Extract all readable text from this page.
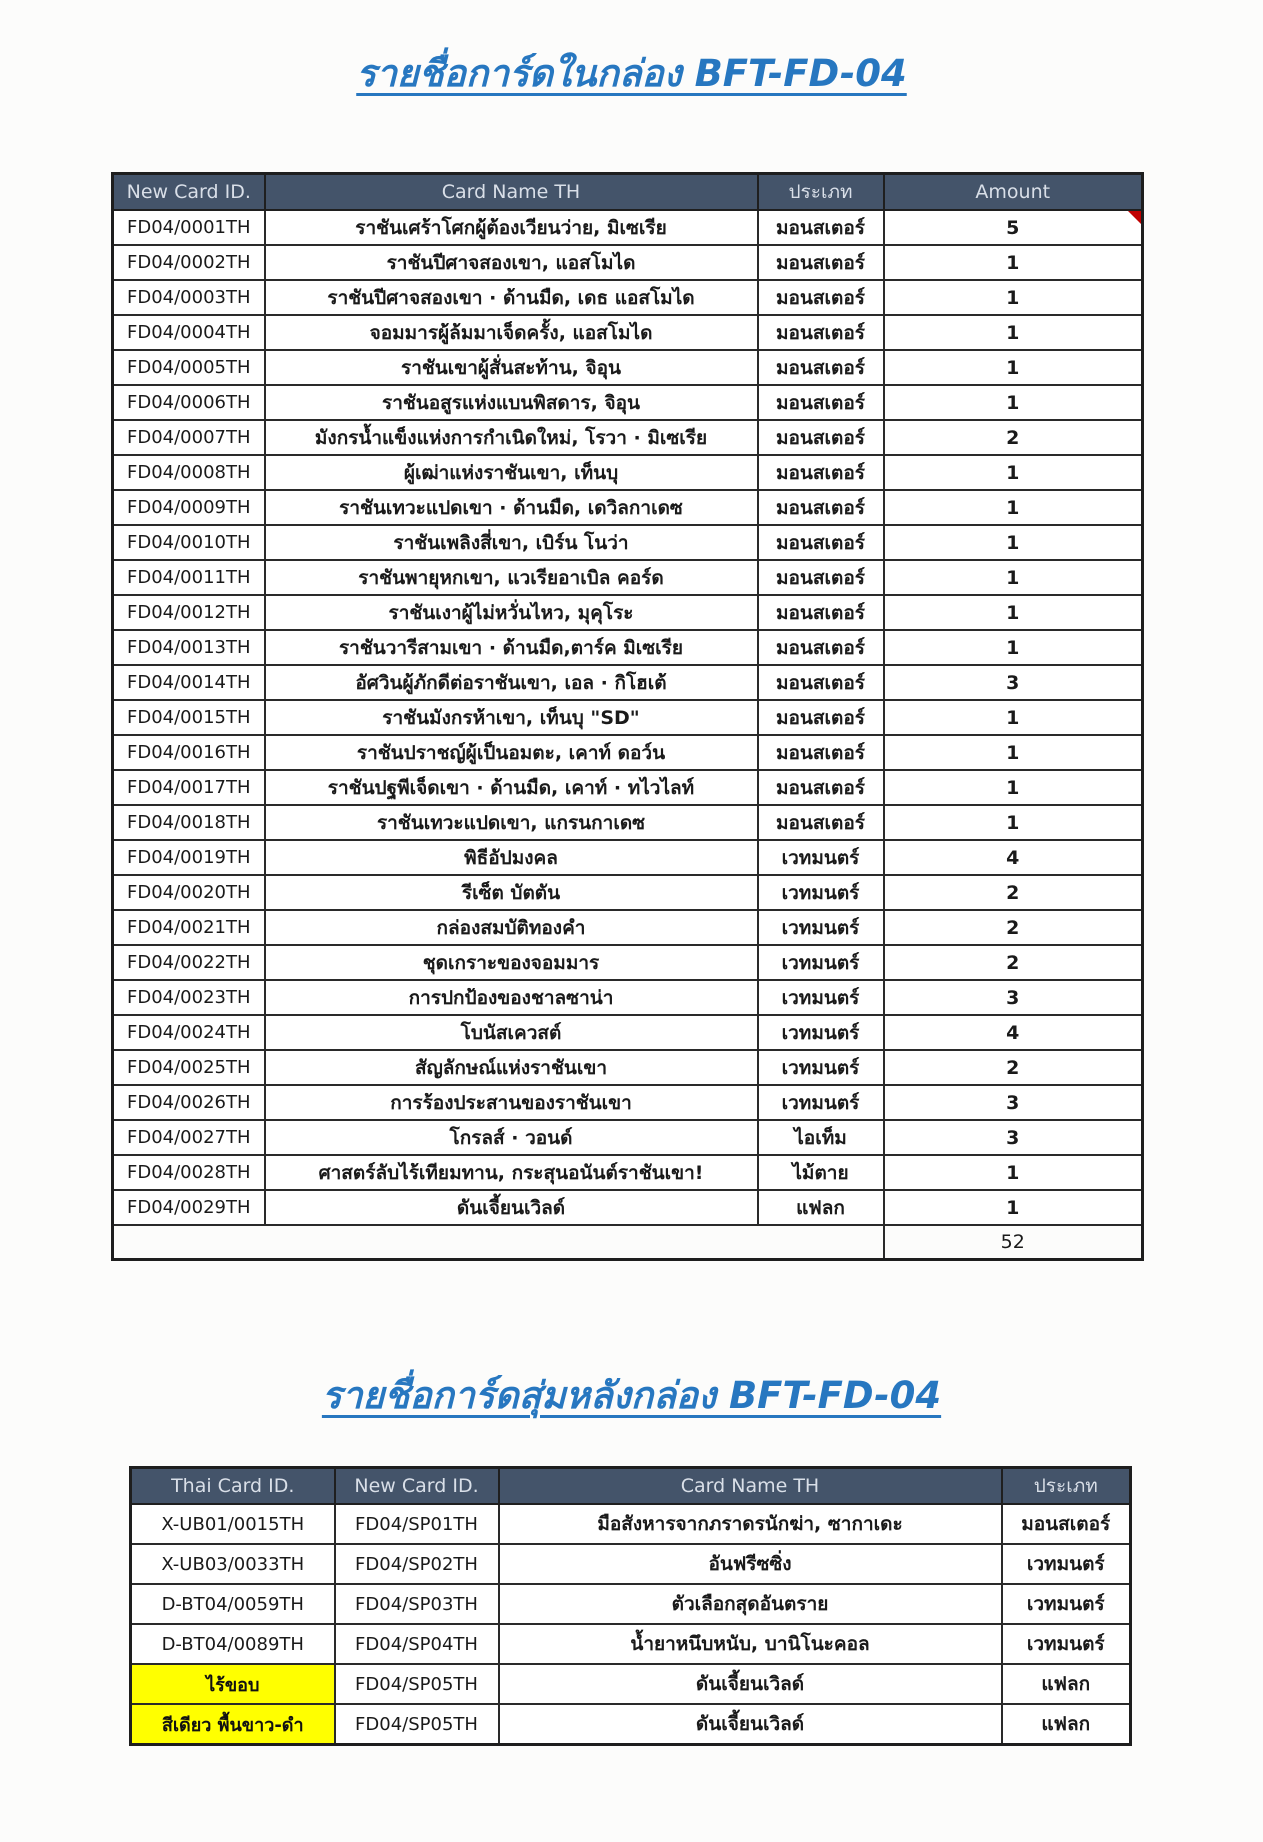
รายชื่อการ์ดในกล่อง BFT-FD-04
New Card ID.	Card Name TH	ประเภท	Amount
FD04/0001TH	ราชันเศร้าโศกผู้ต้องเวียนว่าย, มิเซเรีย	มอนสเตอร์	5

FD04/0002TH	ราชันปีศาจสองเขา, แอสโมได	มอนสเตอร์	1
FD04/0003TH	ราชันปีศาจสองเขา · ด้านมืด, เดธ แอสโมได	มอนสเตอร์	1
FD04/0004TH	จอมมารผู้ล้มมาเจ็ดครั้ง, แอสโมได	มอนสเตอร์	1
FD04/0005TH	ราชันเขาผู้สั่นสะท้าน, จิอุน	มอนสเตอร์	1
FD04/0006TH	ราชันอสูรแห่งแบนพิสดาร, จิอุน	มอนสเตอร์	1
FD04/0007TH	มังกรน้ำแข็งแห่งการกำเนิดใหม่, โรวา · มิเซเรีย	มอนสเตอร์	2
FD04/0008TH	ผู้เฒ่าแห่งราชันเขา, เท็นบุ	มอนสเตอร์	1
FD04/0009TH	ราชันเทวะแปดเขา · ด้านมืด, เดวิลกาเดซ	มอนสเตอร์	1
FD04/0010TH	ราชันเพลิงสี่เขา, เบิร์น โนว่า	มอนสเตอร์	1
FD04/0011TH	ราชันพายุหกเขา, แวเรียอาเบิล คอร์ด	มอนสเตอร์	1
FD04/0012TH	ราชันเงาผู้ไม่หวั่นไหว, มุคุโระ	มอนสเตอร์	1
FD04/0013TH	ราชันวารีสามเขา · ด้านมืด,ตาร์ค มิเซเรีย	มอนสเตอร์	1
FD04/0014TH	อัศวินผู้ภักดีต่อราชันเขา, เอล · กิโฮเต้	มอนสเตอร์	3
FD04/0015TH	ราชันมังกรห้าเขา, เท็นบุ "SD"	มอนสเตอร์	1
FD04/0016TH	ราชันปราชญ์ผู้เป็นอมตะ, เคาท์ ดอว์น	มอนสเตอร์	1
FD04/0017TH	ราชันปฐพีเจ็ดเขา · ด้านมืด, เคาท์ · ทไวไลท์	มอนสเตอร์	1
FD04/0018TH	ราชันเทวะแปดเขา, แกรนกาเดซ	มอนสเตอร์	1
FD04/0019TH	พิธีอัปมงคล	เวทมนตร์	4
FD04/0020TH	รีเซ็ต บัตตัน	เวทมนตร์	2
FD04/0021TH	กล่องสมบัติทองคำ	เวทมนตร์	2
FD04/0022TH	ชุดเกราะของจอมมาร	เวทมนตร์	2
FD04/0023TH	การปกป้องของชาลซาน่า	เวทมนตร์	3
FD04/0024TH	โบนัสเควสต์	เวทมนตร์	4
FD04/0025TH	สัญลักษณ์แห่งราชันเขา	เวทมนตร์	2
FD04/0026TH	การร้องประสานของราชันเขา	เวทมนตร์	3
FD04/0027TH	โกรลส์ · วอนด์	ไอเท็ม	3
FD04/0028TH	ศาสตร์ลับไร้เทียมทาน, กระสุนอนันต์ราชันเขา!	ไม้ตาย	1
FD04/0029TH	ดันเจี้ยนเวิลด์	แฟลก	1
			52
รายชื่อการ์ดสุ่มหลังกล่อง BFT-FD-04
Thai Card ID.	New Card ID.	Card Name TH	ประเภท
X-UB01/0015TH	FD04/SP01TH	มือสังหารจากภราดรนักฆ่า, ซากาเดะ	มอนสเตอร์
X-UB03/0033TH	FD04/SP02TH	อันฟรีซซิ่ง	เวทมนตร์
D-BT04/0059TH	FD04/SP03TH	ตัวเลือกสุดอันตราย	เวทมนตร์
D-BT04/0089TH	FD04/SP04TH	น้ำยาหนึบหนับ, บานิโนะคอล	เวทมนตร์
ไร้ขอบ	FD04/SP05TH	ดันเจี้ยนเวิลด์	แฟลก
สีเดียว พื้นขาว-ดำ	FD04/SP05TH	ดันเจี้ยนเวิลด์	แฟลก
